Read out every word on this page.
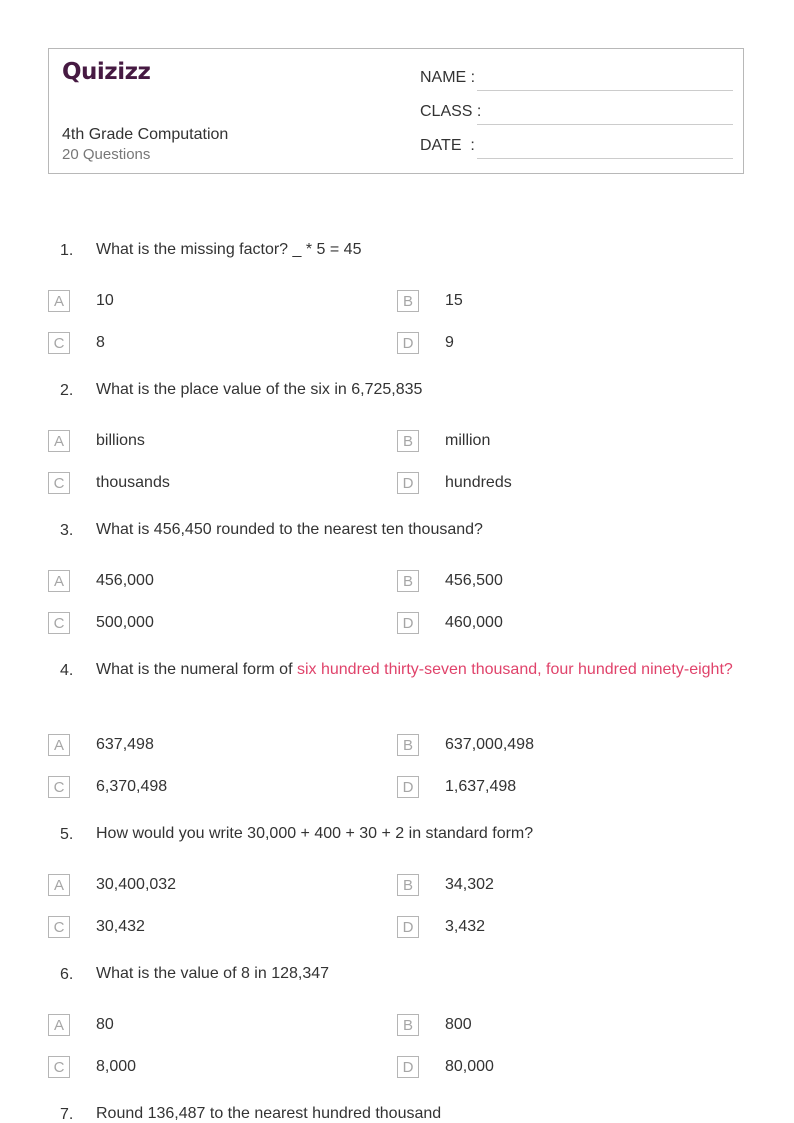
Quizizz
4th Grade Computation
20 Questions
NAME :
CLASS :
DATE  :
1. What is the missing factor? _ * 5 = 45
A	10	B	15
C	8	D	9
2. What is the place value of the six in 6,725,835
A	billions	B	million
C	thousands	D	hundreds
3. What is 456,450 rounded to the nearest ten thousand?
A	456,000	B	456,500
C	500,000	D	460,000
4. What is the numeral form of six hundred thirty-seven thousand, four hundred ninety-eight?
A	637,498	B	637,000,498
C	6,370,498	D	1,637,498
5. How would you write 30,000 + 400 + 30 + 2 in standard form?
A	30,400,032	B	34,302
C	30,432	D	3,432
6. What is the value of 8 in 128,347
A	80	B	800
C	8,000	D	80,000
7. Round 136,487 to the nearest hundred thousand
